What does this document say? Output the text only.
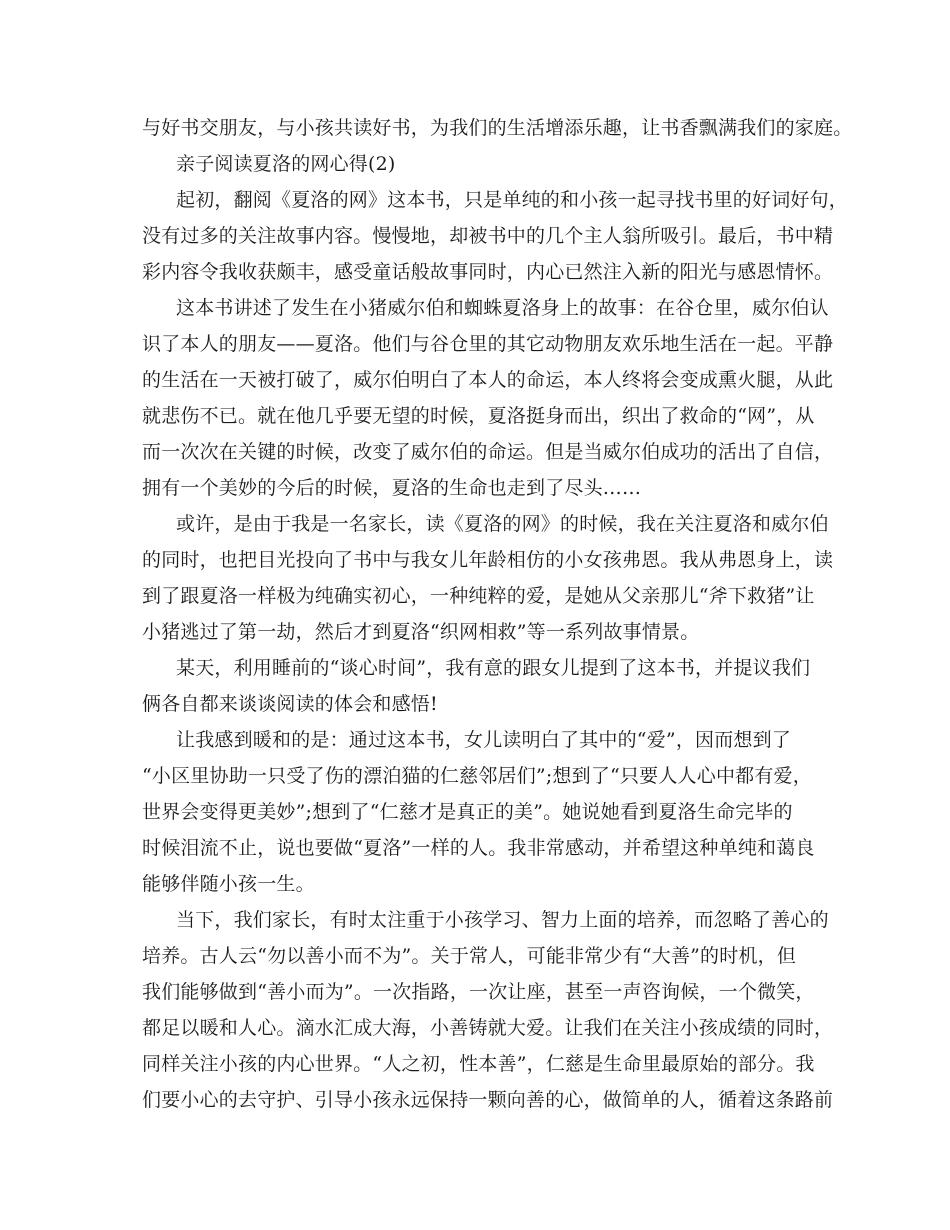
与好书交朋友，与小孩共读好书，为我们的生活增添乐趣，让书香飘满我们的家庭。
亲子阅读夏洛的网心得(2)
起初，翻阅《夏洛的网》这本书，只是单纯的和小孩一起寻找书里的好词好句，
没有过多的关注故事内容。慢慢地，却被书中的几个主人翁所吸引。最后，书中精
彩内容令我收获颇丰，感受童话般故事同时，内心已然注入新的阳光与感恩情怀。
这本书讲述了发生在小猪威尔伯和蜘蛛夏洛身上的故事：在谷仓里，威尔伯认
识了本人的朋友——夏洛。他们与谷仓里的其它动物朋友欢乐地生活在一起。平静
的生活在一天被打破了，威尔伯明白了本人的命运，本人终将会变成熏火腿，从此
就悲伤不已。就在他几乎要无望的时候，夏洛挺身而出，织出了救命的“网”，从
而一次次在关键的时候，改变了威尔伯的命运。但是当威尔伯成功的活出了自信，
拥有一个美妙的今后的时候，夏洛的生命也走到了尽头……
或许，是由于我是一名家长，读《夏洛的网》的时候，我在关注夏洛和威尔伯
的同时，也把目光投向了书中与我女儿年龄相仿的小女孩弗恩。我从弗恩身上，读
到了跟夏洛一样极为纯确实初心，一种纯粹的爱，是她从父亲那儿“斧下救猪”让
小猪逃过了第一劫，然后才到夏洛“织网相救”等一系列故事情景。
某天，利用睡前的“谈心时间”，我有意的跟女儿提到了这本书，并提议我们
俩各自都来谈谈阅读的体会和感悟!
让我感到暖和的是：通过这本书，女儿读明白了其中的“爱”，因而想到了
“小区里协助一只受了伤的漂泊猫的仁慈邻居们”;想到了“只要人人心中都有爱，
世界会变得更美妙”;想到了“仁慈才是真正的美”。她说她看到夏洛生命完毕的
时候泪流不止，说也要做“夏洛”一样的人。我非常感动，并希望这种单纯和蔼良
能够伴随小孩一生。
当下，我们家长，有时太注重于小孩学习、智力上面的培养，而忽略了善心的
培养。古人云“勿以善小而不为”。关于常人，可能非常少有“大善”的时机，但
我们能够做到“善小而为”。一次指路，一次让座，甚至一声咨询候，一个微笑，
都足以暖和人心。滴水汇成大海，小善铸就大爱。让我们在关注小孩成绩的同时，
同样关注小孩的内心世界。“人之初，性本善”，仁慈是生命里最原始的部分。我
们要小心的去守护、引导小孩永远保持一颗向善的心，做简单的人，循着这条路前
